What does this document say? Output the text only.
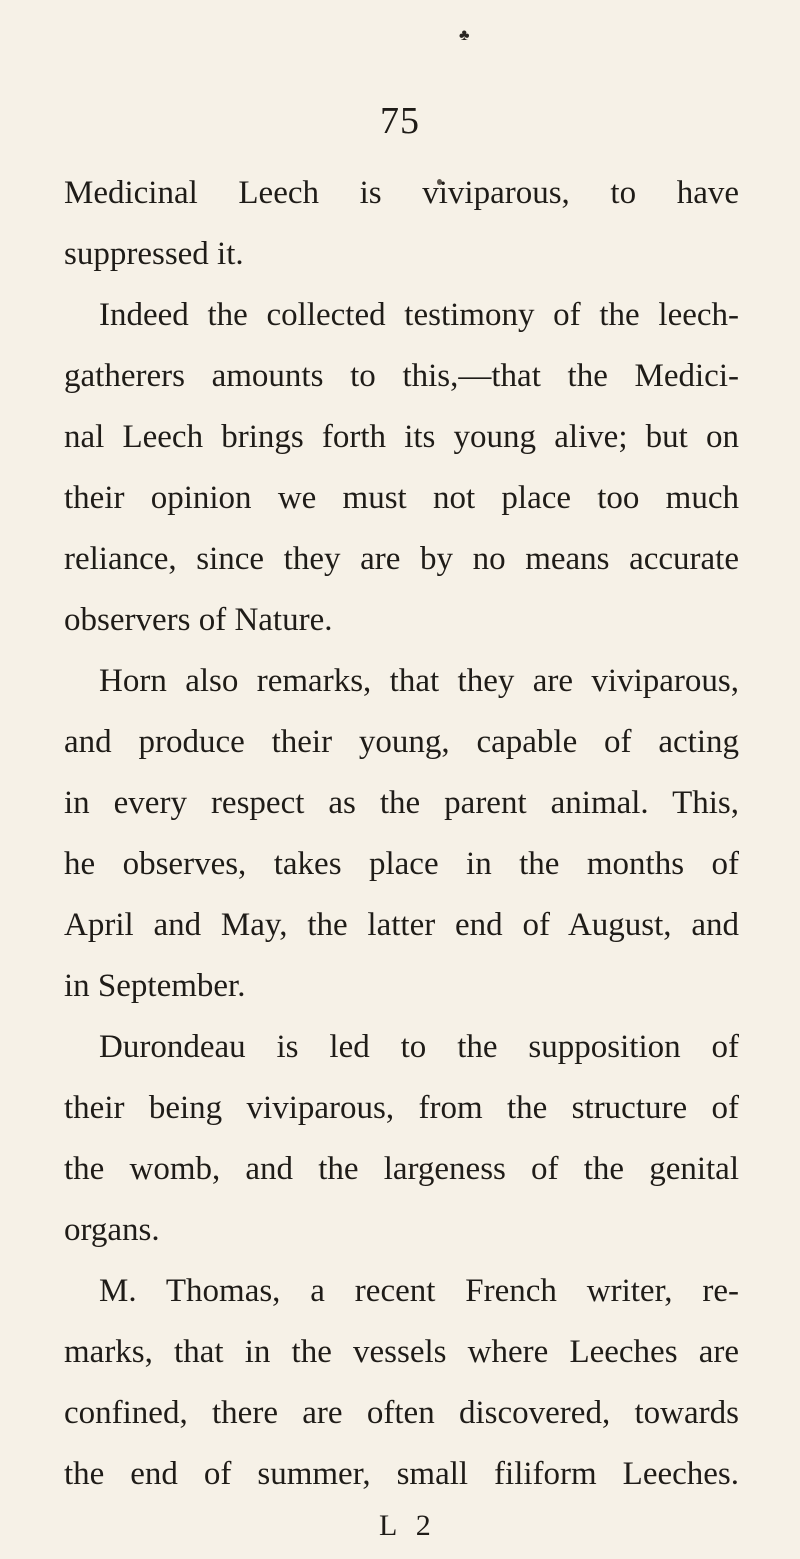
♣
75
Medicinal Leech is viviparous, to have
suppressed it.
Indeed the collected testimony of the leech-
gatherers amounts to this,—that the Medici-
nal Leech brings forth its young alive; but on
their opinion we must not place too much
reliance, since they are by no means accurate
observers of Nature.
Horn also remarks, that they are viviparous,
and produce their young, capable of acting
in every respect as the parent animal. This,
he observes, takes place in the months of
April and May, the latter end of August, and
in September.
Durondeau is led to the supposition of
their being viviparous, from the structure of
the womb, and the largeness of the genital
organs.
M. Thomas, a recent French writer, re-
marks, that in the vessels where Leeches are
confined, there are often discovered, towards
the end of summer, small filiform Leeches.
L 2
